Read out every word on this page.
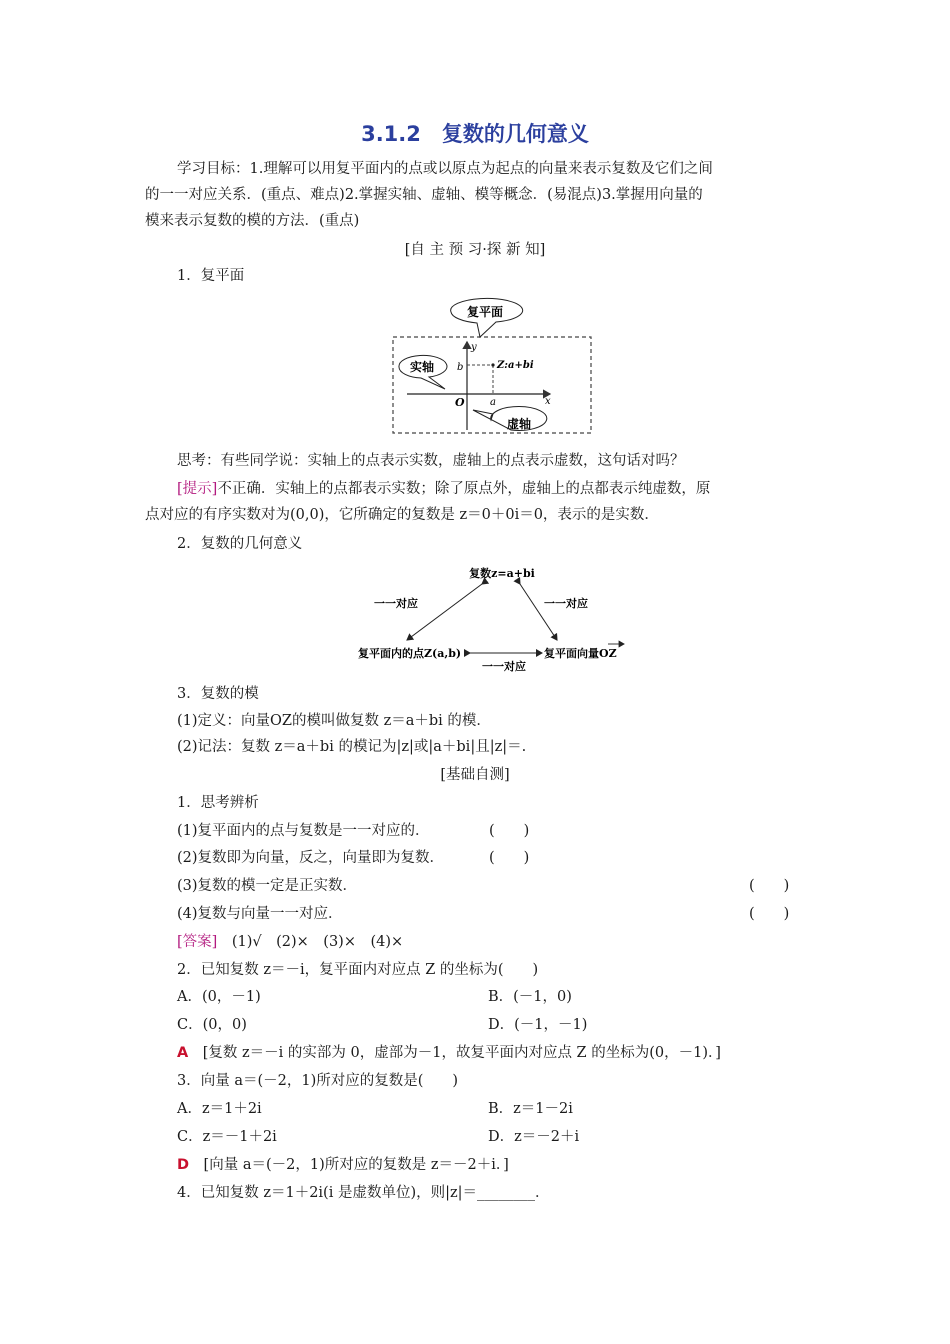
3.1.2　复数的几何意义
学习目标：1.理解可以用复平面内的点或以原点为起点的向量来表示复数及它们之间
的一一对应关系．(重点、难点)2.掌握实轴、虚轴、模等概念．(易混点)3.掌握用向量的
模来表示复数的模的方法．(重点)
[自 主 预 习·探 新 知]
1．复平面
y
x
O	a
b	Z:a+bi
复平面
实轴
虚轴
思考：有些同学说：实轴上的点表示实数，虚轴上的点表示虚数，这句话对吗？
[提示]不正确．实轴上的点都表示实数；除了原点外，虚轴上的点都表示纯虚数，原
点对应的有序实数对为(0,0)，它所确定的复数是 z＝0＋0i＝0，表示的是实数．
2．复数的几何意义
复数z=a+bi
一一对应	一一对应
复平面内的点Z(a,b)	复平面向量OZ
一一对应
3．复数的模
(1)定义：向量OZ的模叫做复数 z＝a＋bi 的模．
(2)记法：复数 z＝a＋bi 的模记为|z|或|a＋bi|且|z|＝.
[基础自测]
1．思考辨析
(1)复平面内的点与复数是一一对应的．	(　　)
(2)复数即为向量，反之，向量即为复数．	(　　)
(3)复数的模一定是正实数．	(　　)
(4)复数与向量一一对应．	(　　)
[答案]　 (1)√　(2)×　(3)×　(4)×
2．已知复数 z＝－i，复平面内对应点 Z 的坐标为(　　)
A．(0，－1)	B．(－1，0)
C．(0，0)	D．(－1，－1)
A　 [复数 z＝－i 的实部为 0，虚部为－1，故复平面内对应点 Z 的坐标为(0，－1)．]
3．向量 a＝(－2，1)所对应的复数是(　　)
A．z＝1＋2i	B．z＝1－2i
C．z＝－1＋2i	D．z＝－2＋i
D　 [向量 a＝(－2，1)所对应的复数是 z＝－2＋i．]
4．已知复数 z＝1＋2i(i 是虚数单位)，则|z|＝________．
